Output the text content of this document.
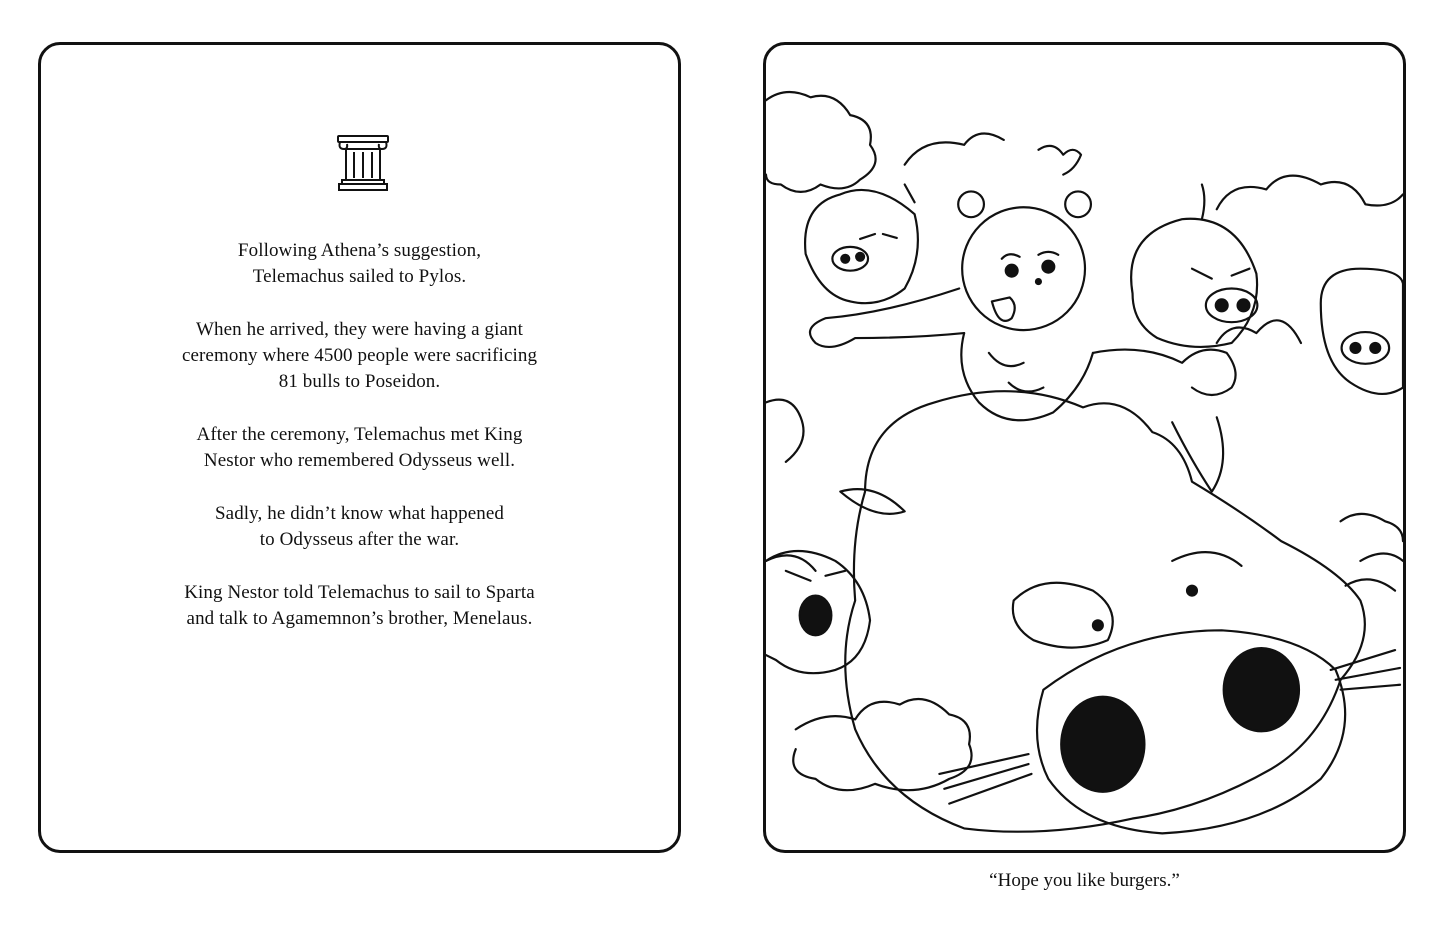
Following Athena’s suggestion,
Telemachus sailed to Pylos.

When he arrived, they were having a giant
ceremony where 4500 people were sacrificing
81 bulls to Poseidon.

After the ceremony, Telemachus met King
Nestor who remembered Odysseus well.

Sadly, he didn’t know what happened
to Odysseus after the war.

King Nestor told Telemachus to sail to Sparta
and talk to Agamemnon’s brother, Menelaus.

“Hope you like burgers.”
